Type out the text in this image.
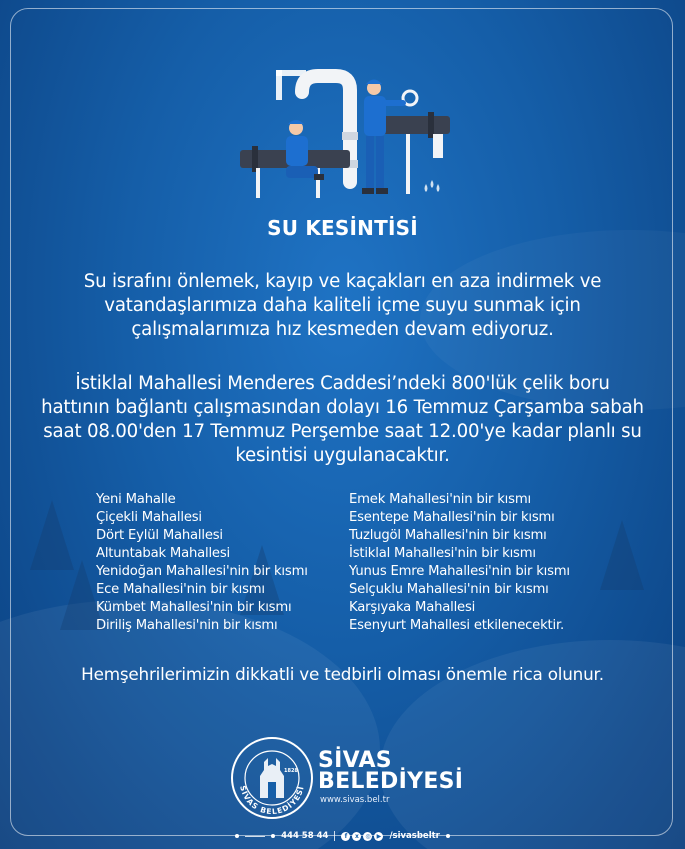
SU KESİNTİSİ
Su israfını önlemek, kayıp ve kaçakları en aza indirmek ve vatandaşlarımıza daha kaliteli içme suyu sunmak için çalışmalarımıza hız kesmeden devam ediyoruz.
İstiklal Mahallesi Menderes Caddesi’ndeki 800'lük çelik boru hattının bağlantı çalışmasından dolayı 16 Temmuz Çarşamba sabah saat 08.00'den 17 Temmuz Perşembe saat 12.00'ye kadar planlı su kesintisi uygulanacaktır.
Yeni Mahalle
Çiçekli Mahallesi
Dört Eylül Mahallesi
Altuntabak Mahallesi
Yenidoğan Mahallesi'nin bir kısmı
Ece Mahallesi'nin bir kısmı
Kümbet Mahallesi'nin bir kısmı
Diriliş Mahallesi'nin bir kısmı
Emek Mahallesi'nin bir kısmı
Esentepe Mahallesi'nin bir kısmı
Tuzlugöl Mahallesi'nin bir kısmı
İstiklal Mahallesi'nin bir kısmı
Yunus Emre Mahallesi'nin bir kısmı
Selçuklu Mahallesi'nin bir kısmı
Karşıyaka Mahallesi
Esenyurt Mahallesi etkilenecektir.
Hemşehrilerimizin dikkatli ve tedbirli olması önemle rica olunur.
1828
SİVAS BELEDİYESİ
SİVAS
BELEDİYESİ
www.sivas.bel.tr
444 58 44	f	x	◎	▶ /sivasbeltr
